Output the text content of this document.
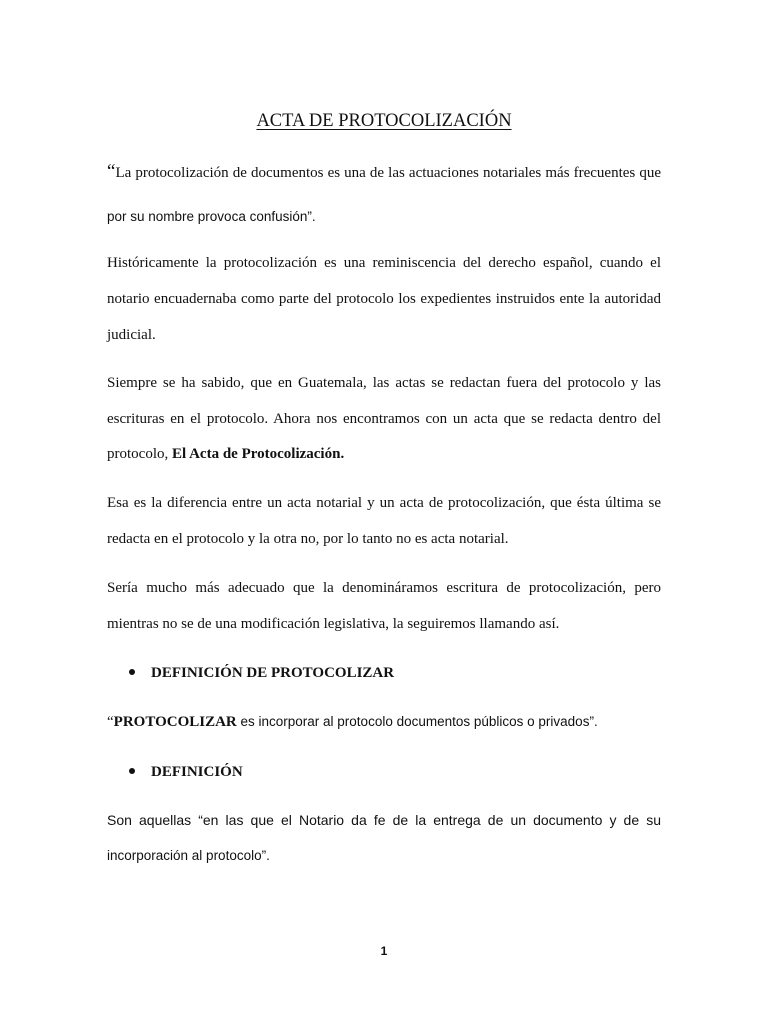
ACTA DE PROTOCOLIZACIÓN
“La protocolización de documentos es una de las actuaciones notariales más frecuentes que
por su nombre provoca confusión”.
Históricamente la protocolización es una reminiscencia del derecho español, cuando el
notario encuadernaba como parte del protocolo los expedientes instruidos ente la autoridad
judicial.
Siempre se ha sabido, que en Guatemala, las actas se redactan fuera del protocolo y las
escrituras en el protocolo. Ahora nos encontramos con un acta que se redacta dentro del
protocolo, El Acta de Protocolización.
Esa es la diferencia entre un acta notarial y un acta de protocolización, que ésta última se
redacta en el protocolo y la otra no, por lo tanto no es acta notarial.
Sería mucho más adecuado que la denomináramos escritura de protocolización, pero
mientras no se de una modificación legislativa, la seguiremos llamando así.
DEFINICIÓN DE PROTOCOLIZAR
“PROTOCOLIZAR es incorporar al protocolo documentos públicos o privados”.
DEFINICIÓN
Son aquellas “en las que el Notario da fe de la entrega de un documento y de su
incorporación al protocolo”.
1
